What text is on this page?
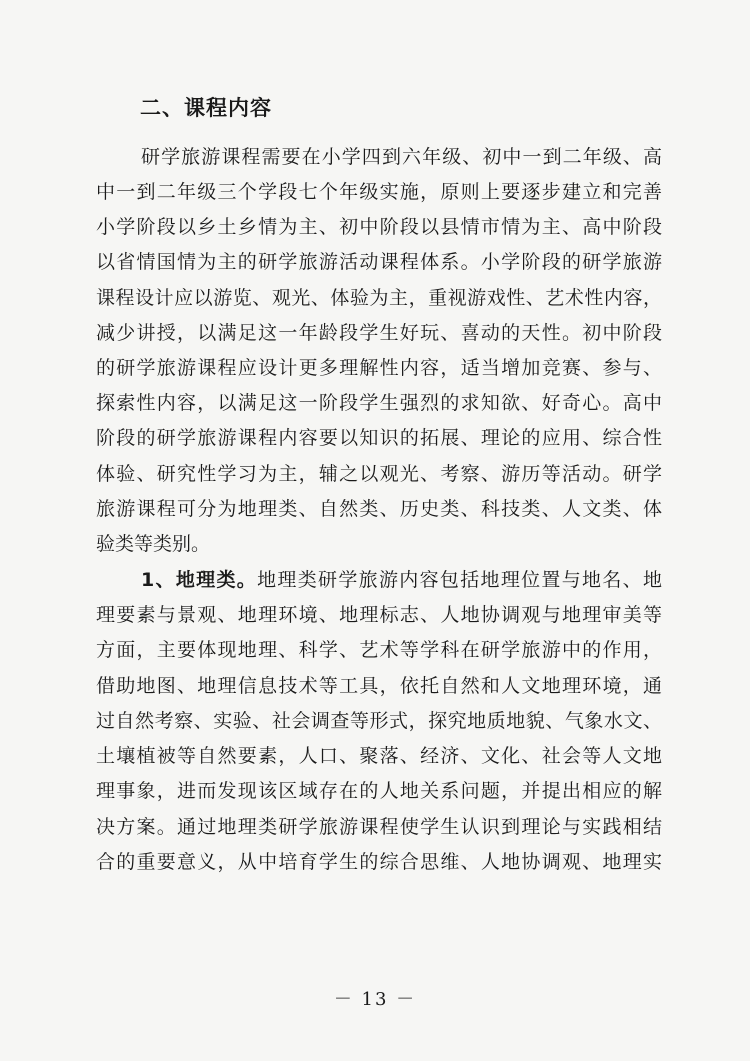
二、课程内容
研学旅游课程需要在小学四到六年级、初中一到二年级、高
中一到二年级三个学段七个年级实施，原则上要逐步建立和完善
小学阶段以乡土乡情为主、初中阶段以县情市情为主、高中阶段
以省情国情为主的研学旅游活动课程体系。小学阶段的研学旅游
课程设计应以游览、观光、体验为主，重视游戏性、艺术性内容，
减少讲授，以满足这一年龄段学生好玩、喜动的天性。初中阶段
的研学旅游课程应设计更多理解性内容，适当增加竞赛、参与、
探索性内容，以满足这一阶段学生强烈的求知欲、好奇心。高中
阶段的研学旅游课程内容要以知识的拓展、理论的应用、综合性
体验、研究性学习为主，辅之以观光、考察、游历等活动。研学
旅游课程可分为地理类、自然类、历史类、科技类、人文类、体
验类等类别。
1、地理类。地理类研学旅游内容包括地理位置与地名、地
理要素与景观、地理环境、地理标志、人地协调观与地理审美等
方面，主要体现地理、科学、艺术等学科在研学旅游中的作用，
借助地图、地理信息技术等工具，依托自然和人文地理环境，通
过自然考察、实验、社会调查等形式，探究地质地貌、气象水文、
土壤植被等自然要素，人口、聚落、经济、文化、社会等人文地
理事象，进而发现该区域存在的人地关系问题，并提出相应的解
决方案。通过地理类研学旅游课程使学生认识到理论与实践相结
合的重要意义，从中培育学生的综合思维、人地协调观、地理实
－ 13 －
